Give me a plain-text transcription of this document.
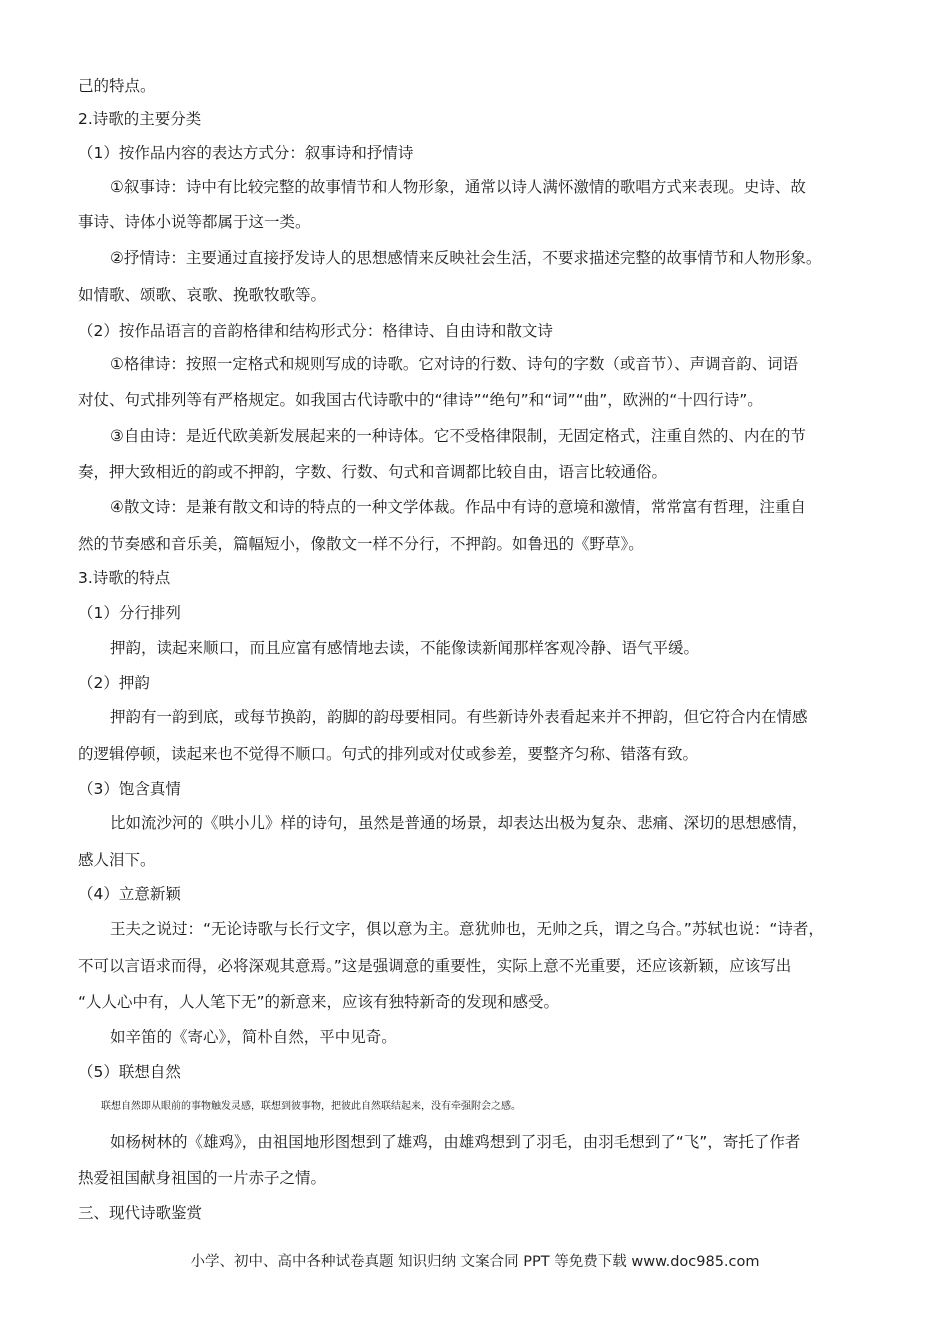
己的特点。
2.诗歌的主要分类
（1）按作品内容的表达方式分：叙事诗和抒情诗
①叙事诗：诗中有比较完整的故事情节和人物形象，通常以诗人满怀激情的歌唱方式来表现。史诗、故
事诗、诗体小说等都属于这一类。
②抒情诗：主要通过直接抒发诗人的思想感情来反映社会生活，不要求描述完整的故事情节和人物形象。
如情歌、颂歌、哀歌、挽歌牧歌等。
（2）按作品语言的音韵格律和结构形式分：格律诗、自由诗和散文诗
①格律诗：按照一定格式和规则写成的诗歌。它对诗的行数、诗句的字数（或音节）、声调音韵、词语
对仗、句式排列等有严格规定。如我国古代诗歌中的“律诗”“绝句”和“词”“曲”，欧洲的“十四行诗”。
③自由诗：是近代欧美新发展起来的一种诗体。它不受格律限制，无固定格式，注重自然的、内在的节
奏，押大致相近的韵或不押韵，字数、行数、句式和音调都比较自由，语言比较通俗。
④散文诗：是兼有散文和诗的特点的一种文学体裁。作品中有诗的意境和激情，常常富有哲理，注重自
然的节奏感和音乐美，篇幅短小，像散文一样不分行，不押韵。如鲁迅的《野草》。
3.诗歌的特点
（1）分行排列
押韵，读起来顺口，而且应富有感情地去读，不能像读新闻那样客观冷静、语气平缓。
（2）押韵
押韵有一韵到底，或每节换韵，韵脚的韵母要相同。有些新诗外表看起来并不押韵，但它符合内在情感
的逻辑停顿，读起来也不觉得不顺口。句式的排列或对仗或参差，要整齐匀称、错落有致。
（3）饱含真情
比如流沙河的《哄小儿》样的诗句，虽然是普通的场景，却表达出极为复杂、悲痛、深切的思想感情，
感人泪下。
（4）立意新颖
王夫之说过：“无论诗歌与长行文字，俱以意为主。意犹帅也，无帅之兵，谓之乌合。”苏轼也说：“诗者，
不可以言语求而得，必将深观其意焉。”这是强调意的重要性，实际上意不光重要，还应该新颖，应该写出
“人人心中有，人人笔下无”的新意来，应该有独特新奇的发现和感受。
如辛笛的《寄心》，简朴自然，平中见奇。
（5）联想自然
联想自然即从眼前的事物触发灵感，联想到彼事物，把彼此自然联结起来，没有牵强附会之感。
如杨树林的《雄鸡》，由祖国地形图想到了雄鸡，由雄鸡想到了羽毛，由羽毛想到了“飞”，寄托了作者
热爱祖国献身祖国的一片赤子之情。
三、现代诗歌鉴赏
小学、初中、高中各种试卷真题 知识归纳 文案合同 PPT 等免费下载 www.doc985.com
